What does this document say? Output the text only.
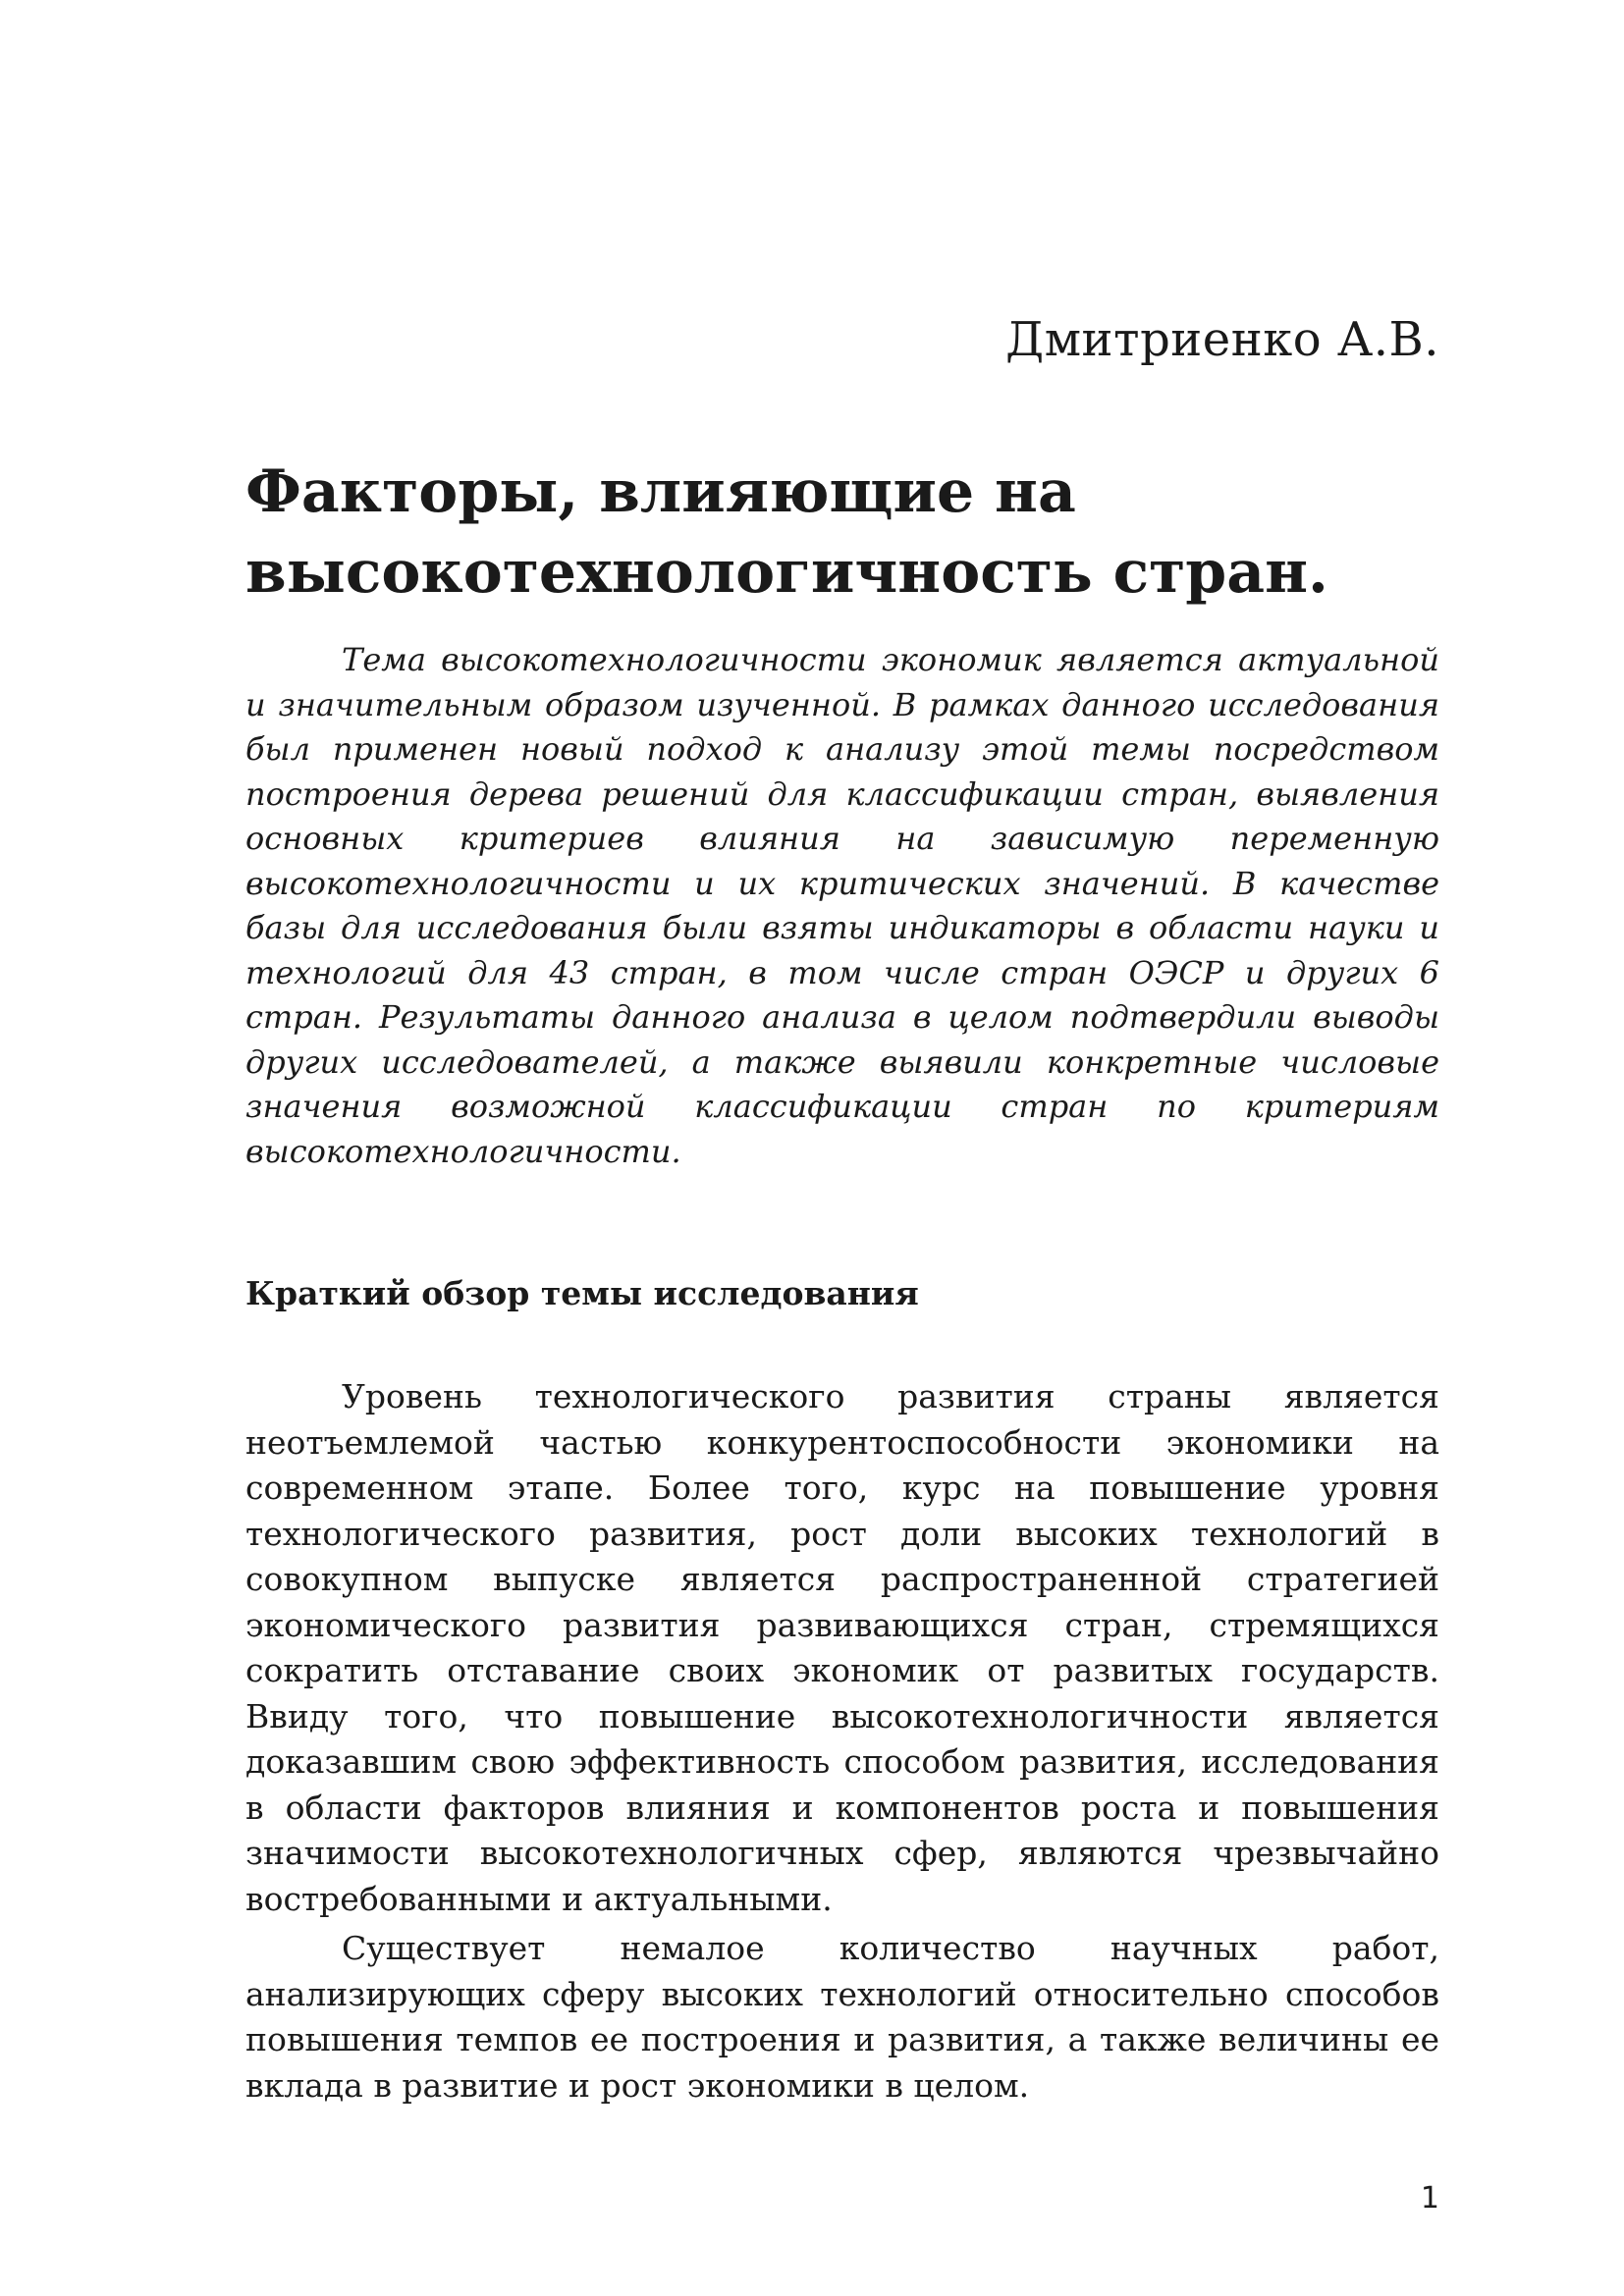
Дмитриенко А.В.
Факторы, влияющие на высокотехнологичность стран.

Тема высокотехнологичности экономик является актуальной и значительным образом изученной. В рамках данного исследования был применен новый подход к анализу этой темы посредством построения дерева решений для классификации стран, выявления основных критериев влияния на зависимую переменную высокотехнологичности и их критических значений. В качестве базы для исследования были взяты индикаторы в области науки и технологий для 43 стран, в том числе стран ОЭСР и других 6 стран. Результаты данного анализа в целом подтвердили выводы других исследователей, а также выявили конкретные числовые значения возможной классификации стран по критериям высокотехнологичности.

Краткий обзор темы исследования

Уровень технологического развития страны является неотъемлемой частью конкурентоспособности экономики на современном этапе. Более того, курс на повышение уровня технологического развития, рост доли высоких технологий в совокупном выпуске является распространенной стратегией экономического развития развивающихся стран, стремящихся сократить отставание своих экономик от развитых государств. Ввиду того, что повышение высокотехнологичности является доказавшим свою эффективность способом развития, исследования в области факторов влияния и компонентов роста и повышения значимости высокотехнологичных сфер, являются чрезвычайно востребованными и актуальными.

Существует немалое количество научных работ, анализирующих сферу высоких технологий относительно способов повышения темпов ее построения и развития, а также величины ее вклада в развитие и рост экономики в целом.

1
